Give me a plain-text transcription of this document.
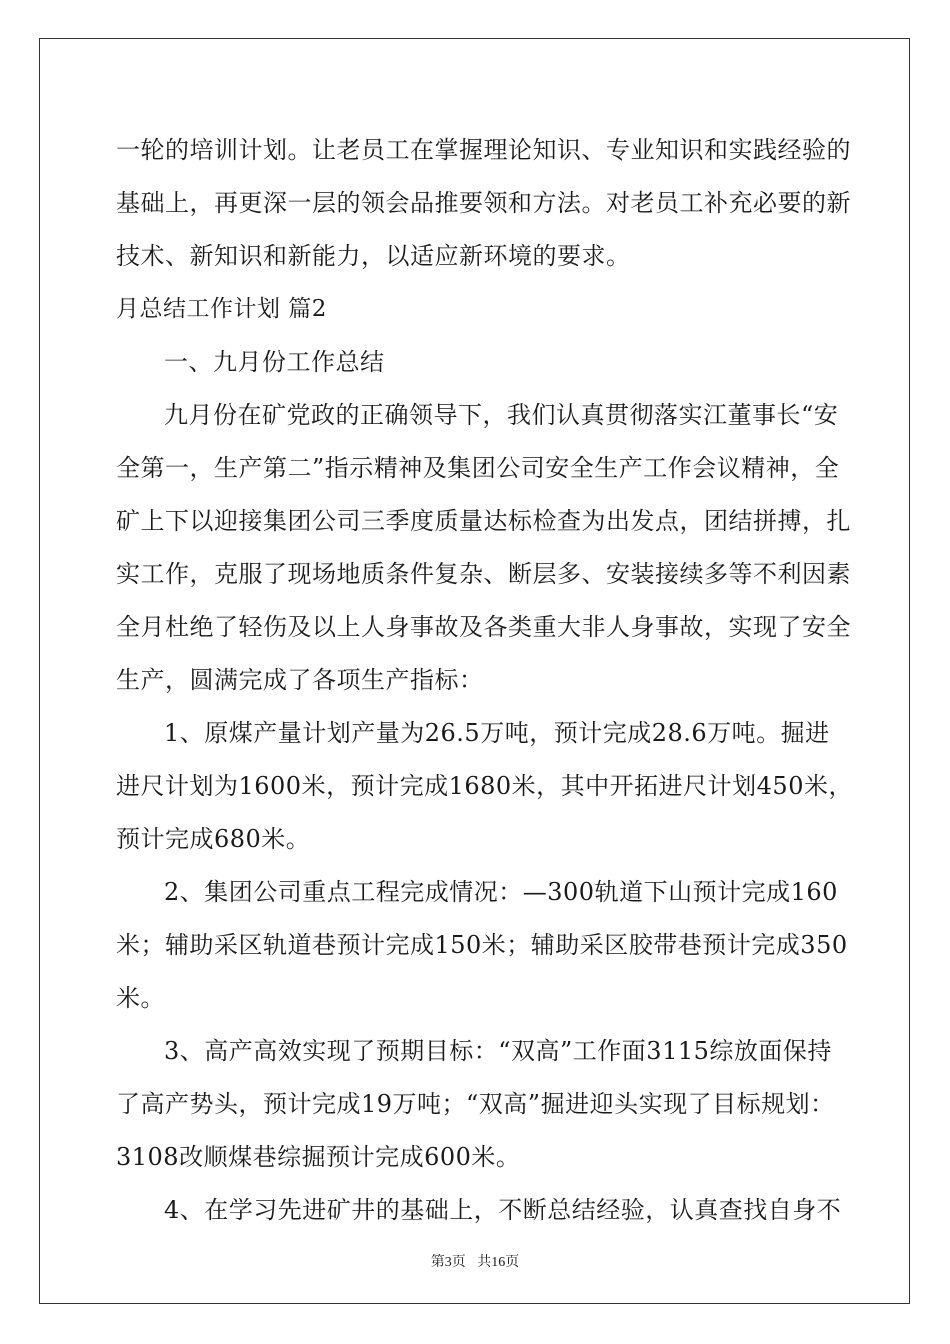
一轮的培训计划。让老员工在掌握理论知识、专业知识和实践经验的
基础上，再更深一层的领会品推要领和方法。对老员工补充必要的新
技术、新知识和新能力，以适应新环境的要求。
月总结工作计划 篇2
一、九月份工作总结
九月份在矿党政的正确领导下，我们认真贯彻落实江董事长“安
全第一，生产第二”指示精神及集团公司安全生产工作会议精神，全
矿上下以迎接集团公司三季度质量达标检查为出发点，团结拼搏，扎
实工作，克服了现场地质条件复杂、断层多、安装接续多等不利因素
全月杜绝了轻伤及以上人身事故及各类重大非人身事故，实现了安全
生产，圆满完成了各项生产指标：
1、原煤产量计划产量为26.5万吨，预计完成28.6万吨。掘进
进尺计划为1600米，预计完成1680米，其中开拓进尺计划450米，
预计完成680米。
2、集团公司重点工程完成情况：—300轨道下山预计完成160
米；辅助采区轨道巷预计完成150米；辅助采区胶带巷预计完成350
米。
3、高产高效实现了预期目标：“双高”工作面3115综放面保持
了高产势头，预计完成19万吨；“双高”掘进迎头实现了目标规划：
3108改顺煤巷综掘预计完成600米。
4、在学习先进矿井的基础上，不断总结经验，认真查找自身不
第3页 共16页
